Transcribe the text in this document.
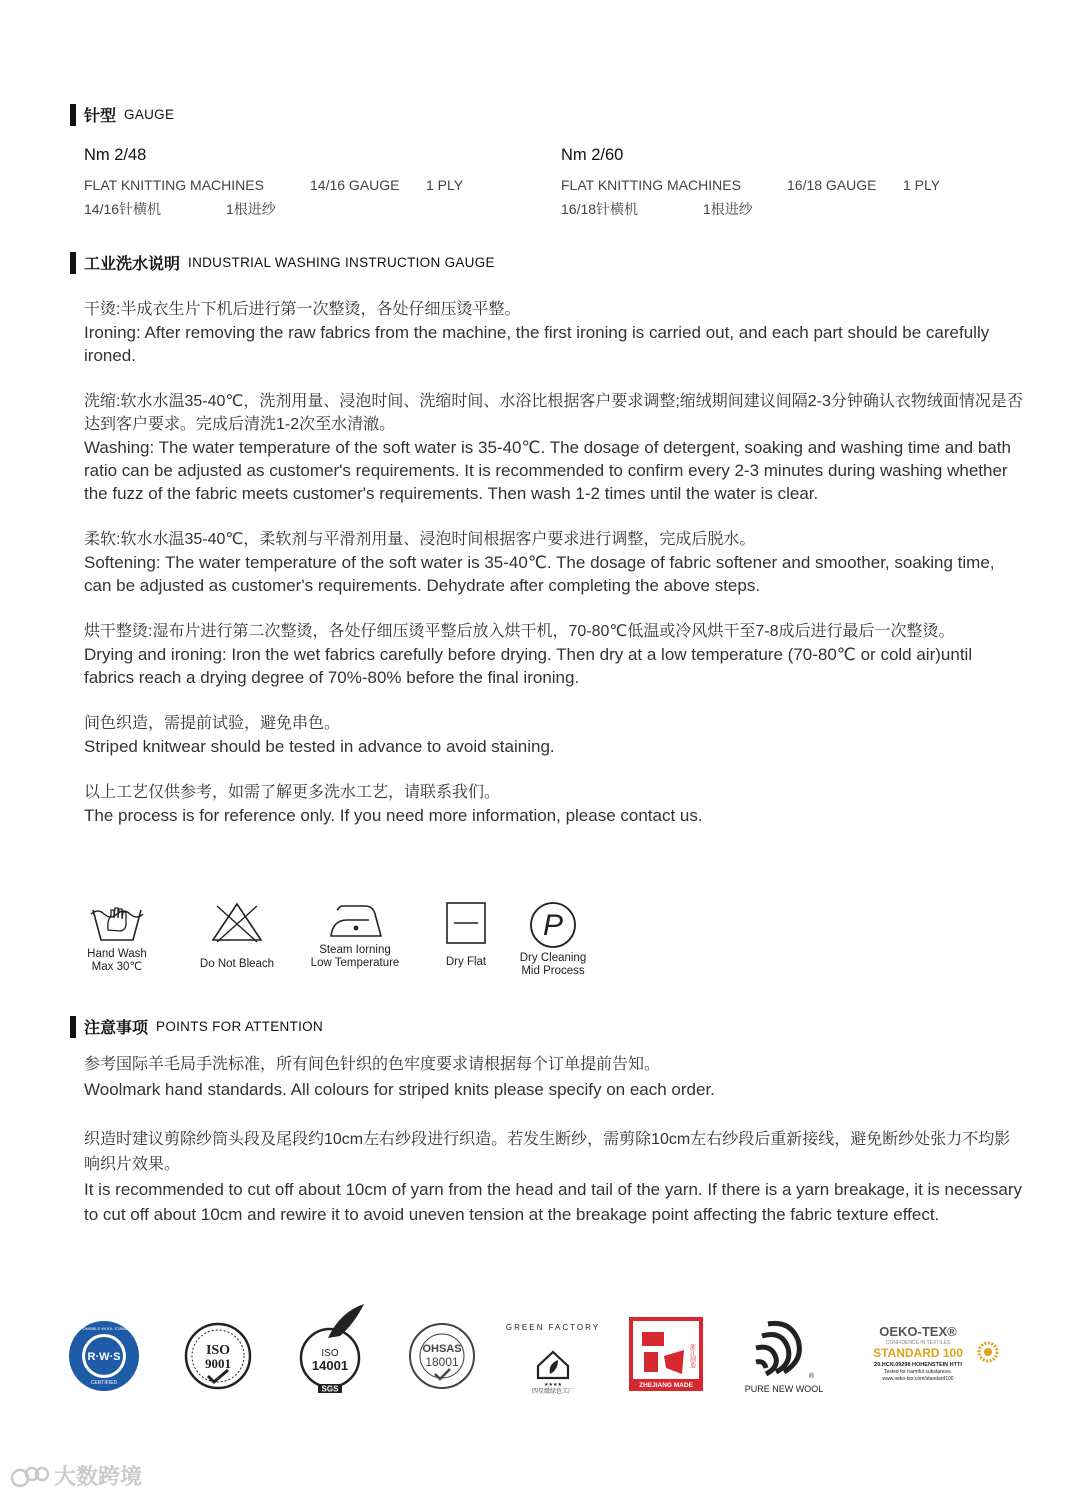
针型 GAUGE
Nm 2/48
FLAT KNITTING MACHINES	14/16 GAUGE	1 PLY
14/16针横机	1根进纱
Nm 2/60
FLAT KNITTING MACHINES	16/18 GAUGE	1 PLY
16/18针横机	1根进纱
工业洗水说明 INDUSTRIAL WASHING INSTRUCTION GAUGE

干烫:半成衣生片下机后进行第一次整烫，各处仔细压烫平整。

Ironing: After removing the raw fabrics from the machine, the first ironing is carried out, and each part should be carefully ironed.

洗缩:软水水温35-40℃，洗剂用量、浸泡时间、洗缩时间、水浴比根据客户要求调整;缩绒期间建议间隔2-3分钟确认衣物绒面情况是否达到客户要求。完成后清洗1-2次至水清澈。

Washing: The water temperature of the soft water is 35-40℃. The dosage of detergent, soaking and washing time and bath ratio can be adjusted as customer's requirements. It is recommended to confirm every 2-3 minutes during washing whether the fuzz of the fabric meets customer's requirements. Then wash 1-2 times until the water is clear.

柔软:软水水温35-40℃，柔软剂与平滑剂用量、浸泡时间根据客户要求进行调整，完成后脱水。

Softening: The water temperature of the soft water is 35-40℃. The dosage of fabric softener and smoother, soaking time, can be adjusted as customer's requirements. Dehydrate after completing the above steps.

烘干整烫:湿布片进行第二次整烫，各处仔细压烫平整后放入烘干机，70-80℃低温或冷风烘干至7-8成后进行最后一次整烫。

Drying and ironing: Iron the wet fabrics carefully before drying. Then dry at a low temperature (70-80℃ or cold air)until fabrics reach a drying degree of 70%-80% before the final ironing.

间色织造，需提前试验，避免串色。

Striped knitwear should be tested in advance to avoid staining.

以上工艺仅供参考，如需了解更多洗水工艺，请联系我们。

The process is for reference only. If you need more information, please contact us.

Hand Wash
Max 30℃	Do Not Bleach
Steam Iorning
Low Temperature	Dry Flat
P
Dry Cleaning
Mid Process
注意事项 POINTS FOR ATTENTION

参考国际羊毛局手洗标准，所有间色针织的色牢度要求请根据每个订单提前告知。

Woolmark hand standards. All colours for striped knits please specify on each order.

织造时建议剪除纱筒头段及尾段约10cm左右纱段进行织造。若发生断纱，需剪除10cm左右纱段后重新接线，避免断纱处张力不均影响织片效果。

It is recommended to cut off about 10cm of yarn from the head and tail of the yarn. If there is a yarn breakage, it is necessary to cut off about 10cm and rewire it to avoid uneven tension at the breakage point affecting the fabric texture effect.

R·W·S
CERTIFIED
RESPONSIBLE WOOL STANDARD
ISO
9001
ISO
14001
SGS
OHSAS
18001
GREEN FACTORY
★★★★
四星级绿色工厂
浙江制造
ZHEJIANG MADE
®
PURE NEW WOOL
OEKO-TEX®
CONFIDENCE IN TEXTILES
STANDARD 100
20.HCN.09298 HOHENSTEIN HTTI
Tested for harmful substances.
www.oeko-tex.com/standard100
大数跨境
